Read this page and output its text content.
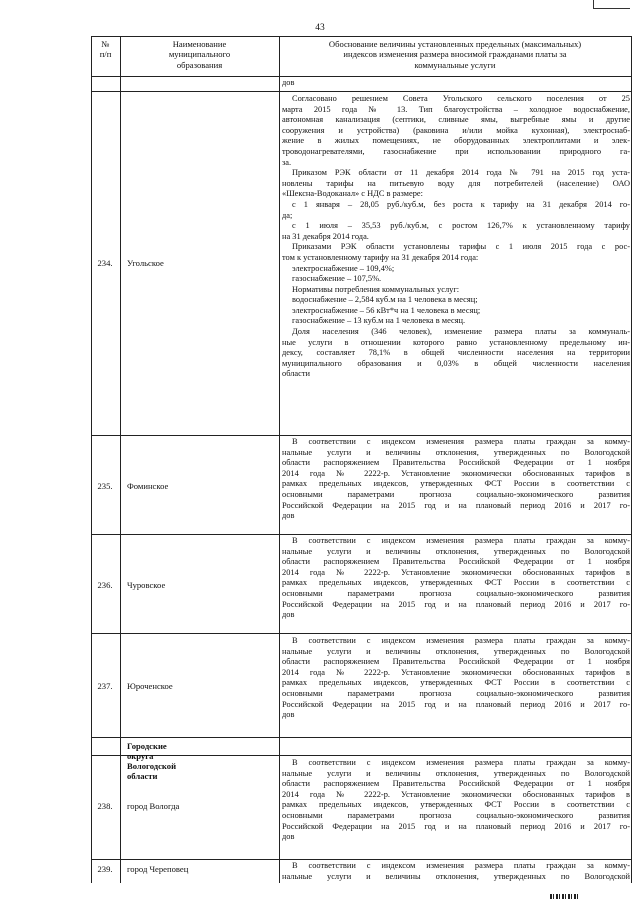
43
№
п/п
Наименование
муниципального
образования
Обоснование величины установленных предельных (максимальных)
индексов изменения размера вносимой гражданами платы за
коммунальные услуги
дов
234.	Угольское
Согласовано решением Совета Угольского сельского поселения от 25
марта 2015 года № 13. Тип благоустройства – холодное водоснабжение,
автономная канализация (септики, сливные ямы, выгребные ямы и другие
сооружения и устройства) (раковина и/или мойка кухонная), электроснаб-
жение в жилых помещениях, не оборудованных электроплитами и элек-
троводонагревателями, газоснабжение при использовании природного га-
за.
Приказом РЭК области от 11 декабря 2014 года № 791 на 2015 год уста-
новлены тарифы на питьевую воду для потребителей (население) ОАО
«Шексна-Водоканал» с НДС в размере:
с 1 января – 28,05 руб./куб.м, без роста к тарифу на 31 декабря 2014 го-
да;
с 1 июля – 35,53 руб./куб.м, с ростом 126,7% к установленному тарифу
на 31 декабря 2014 года.
Приказами РЭК области установлены тарифы с 1 июля 2015 года с рос-
том к установленному тарифу на 31 декабря 2014 года:
электроснабжение – 109,4%;
газоснабжение – 107,5%.
Нормативы потребления коммунальных услуг:
водоснабжение – 2,584 куб.м на 1 человека в месяц;
электроснабжение – 56 кВт*ч на 1 человека в месяц;
газоснабжение – 13 куб.м на 1 человека в месяц.
Доля населения (346 человек), изменение размера платы за коммуналь-
ные услуги в отношении которого равно установленному предельному ин-
дексу, составляет 78,1% в общей численности населения на территории
муниципального образования и 0,03% в общей численности населения
области
235.	Фоминское
В соответствии с индексом изменения размера платы граждан за комму-
нальные услуги и величины отклонения, утвержденных по Вологодской
области распоряжением Правительства Российской Федерации от 1 ноября
2014 года № 2222-р. Установление экономически обоснованных тарифов в
рамках предельных индексов, утвержденных ФСТ России в соответствии с
основными параметрами прогноза социально-экономического развития
Российской Федерации на 2015 год и на плановый период 2016 и 2017 го-
дов
236.	Чуровское
В соответствии с индексом изменения размера платы граждан за комму-
нальные услуги и величины отклонения, утвержденных по Вологодской
области распоряжением Правительства Российской Федерации от 1 ноября
2014 года № 2222-р. Установление экономически обоснованных тарифов в
рамках предельных индексов, утвержденных ФСТ России в соответствии с
основными параметрами прогноза социально-экономического развития
Российской Федерации на 2015 год и на плановый период 2016 и 2017 го-
дов
237.	Юроченское
В соответствии с индексом изменения размера платы граждан за комму-
нальные услуги и величины отклонения, утвержденных по Вологодской
области распоряжением Правительства Российской Федерации от 1 ноября
2014 года № 2222-р. Установление экономически обоснованных тарифов в
рамках предельных индексов, утвержденных ФСТ России в соответствии с
основными параметрами прогноза социально-экономического развития
Российской Федерации на 2015 год и на плановый период 2016 и 2017 го-
дов
Городские округа Вологодской области
238.	город Вологда
В соответствии с индексом изменения размера платы граждан за комму-
нальные услуги и величины отклонения, утвержденных по Вологодской
области распоряжением Правительства Российской Федерации от 1 ноября
2014 года № 2222-р. Установление экономически обоснованных тарифов в
рамках предельных индексов, утвержденных ФСТ России в соответствии с
основными параметрами прогноза социально-экономического развития
Российской Федерации на 2015 год и на плановый период 2016 и 2017 го-
дов
239.	город Череповец	В соответствии с индексом изменения размера платы граждан за комму-
нальные услуги и величины отклонения, утвержденных по Вологодской
